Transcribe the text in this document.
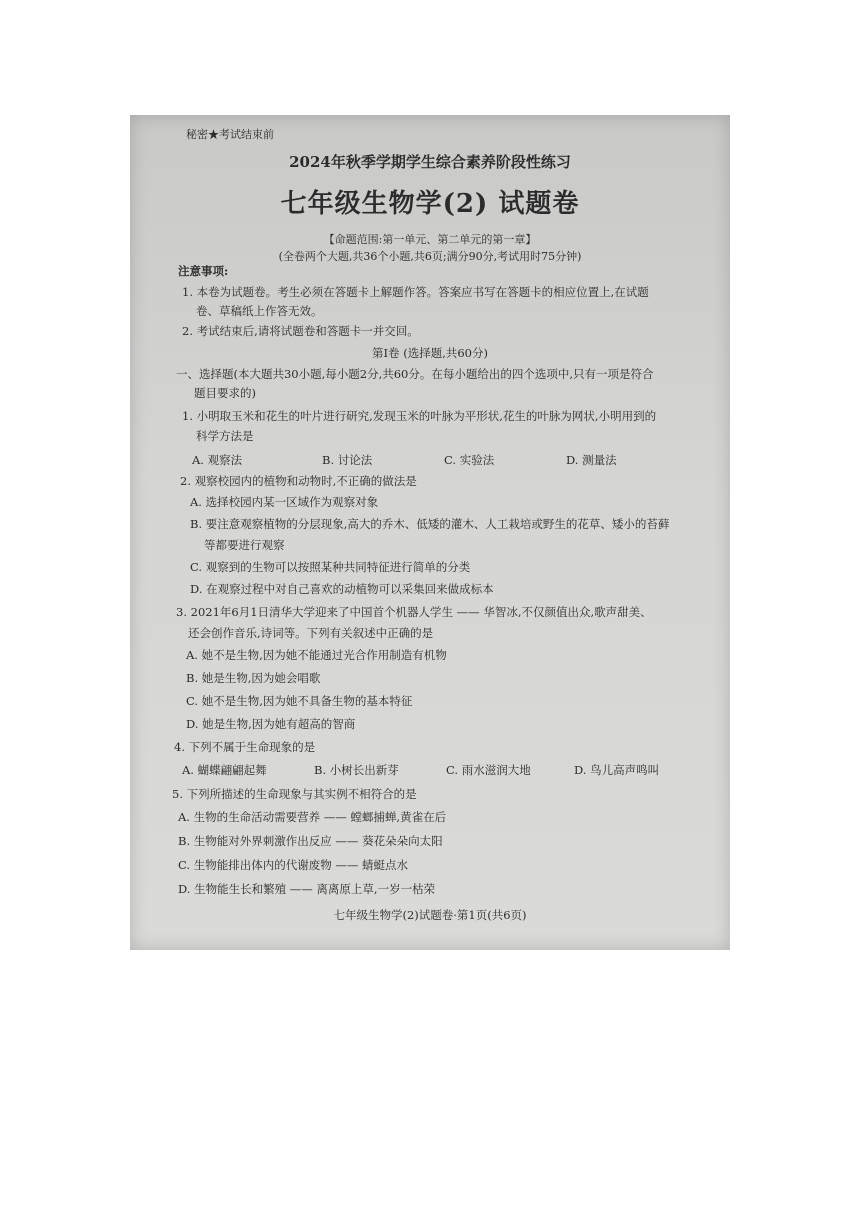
秘密★考试结束前
2024年秋季学期学生综合素养阶段性练习
七年级生物学(2) 试题卷
【命题范围:第一单元、第二单元的第一章】
(全卷两个大题,共36个小题,共6页;满分90分,考试用时75分钟)
注意事项:
1. 本卷为试题卷。考生必须在答题卡上解题作答。答案应书写在答题卡的相应位置上,在试题
卷、草稿纸上作答无效。
2. 考试结束后,请将试题卷和答题卡一并交回。
第Ⅰ卷 (选择题,共60分)
一、选择题(本大题共30小题,每小题2分,共60分。在每小题给出的四个选项中,只有一项是符合
题目要求的)
1. 小明取玉米和花生的叶片进行研究,发现玉米的叶脉为平形状,花生的叶脉为网状,小明用到的
科学方法是
A. 观察法	B. 讨论法	C. 实验法	D. 测量法
2. 观察校园内的植物和动物时,不正确的做法是
A. 选择校园内某一区域作为观察对象
B. 要注意观察植物的分层现象,高大的乔木、低矮的灌木、人工栽培或野生的花草、矮小的苔藓
等都要进行观察
C. 观察到的生物可以按照某种共同特征进行简单的分类
D. 在观察过程中对自己喜欢的动植物可以采集回来做成标本
3. 2021年6月1日清华大学迎来了中国首个机器人学生 —— 华智冰,不仅颜值出众,歌声甜美、
还会创作音乐,诗词等。下列有关叙述中正确的是
A. 她不是生物,因为她不能通过光合作用制造有机物
B. 她是生物,因为她会唱歌
C. 她不是生物,因为她不具备生物的基本特征
D. 她是生物,因为她有超高的智商
4. 下列不属于生命现象的是
A. 蝴蝶翩翩起舞	B. 小树长出新芽	C. 雨水滋润大地	D. 鸟儿高声鸣叫
5. 下列所描述的生命现象与其实例不相符合的是
A. 生物的生命活动需要营养 —— 螳螂捕蝉,黄雀在后
B. 生物能对外界刺激作出反应 —— 葵花朵朵向太阳
C. 生物能排出体内的代谢废物 —— 蜻蜓点水
D. 生物能生长和繁殖 —— 离离原上草,一岁一枯荣
七年级生物学(2)试题卷·第1页(共6页)
